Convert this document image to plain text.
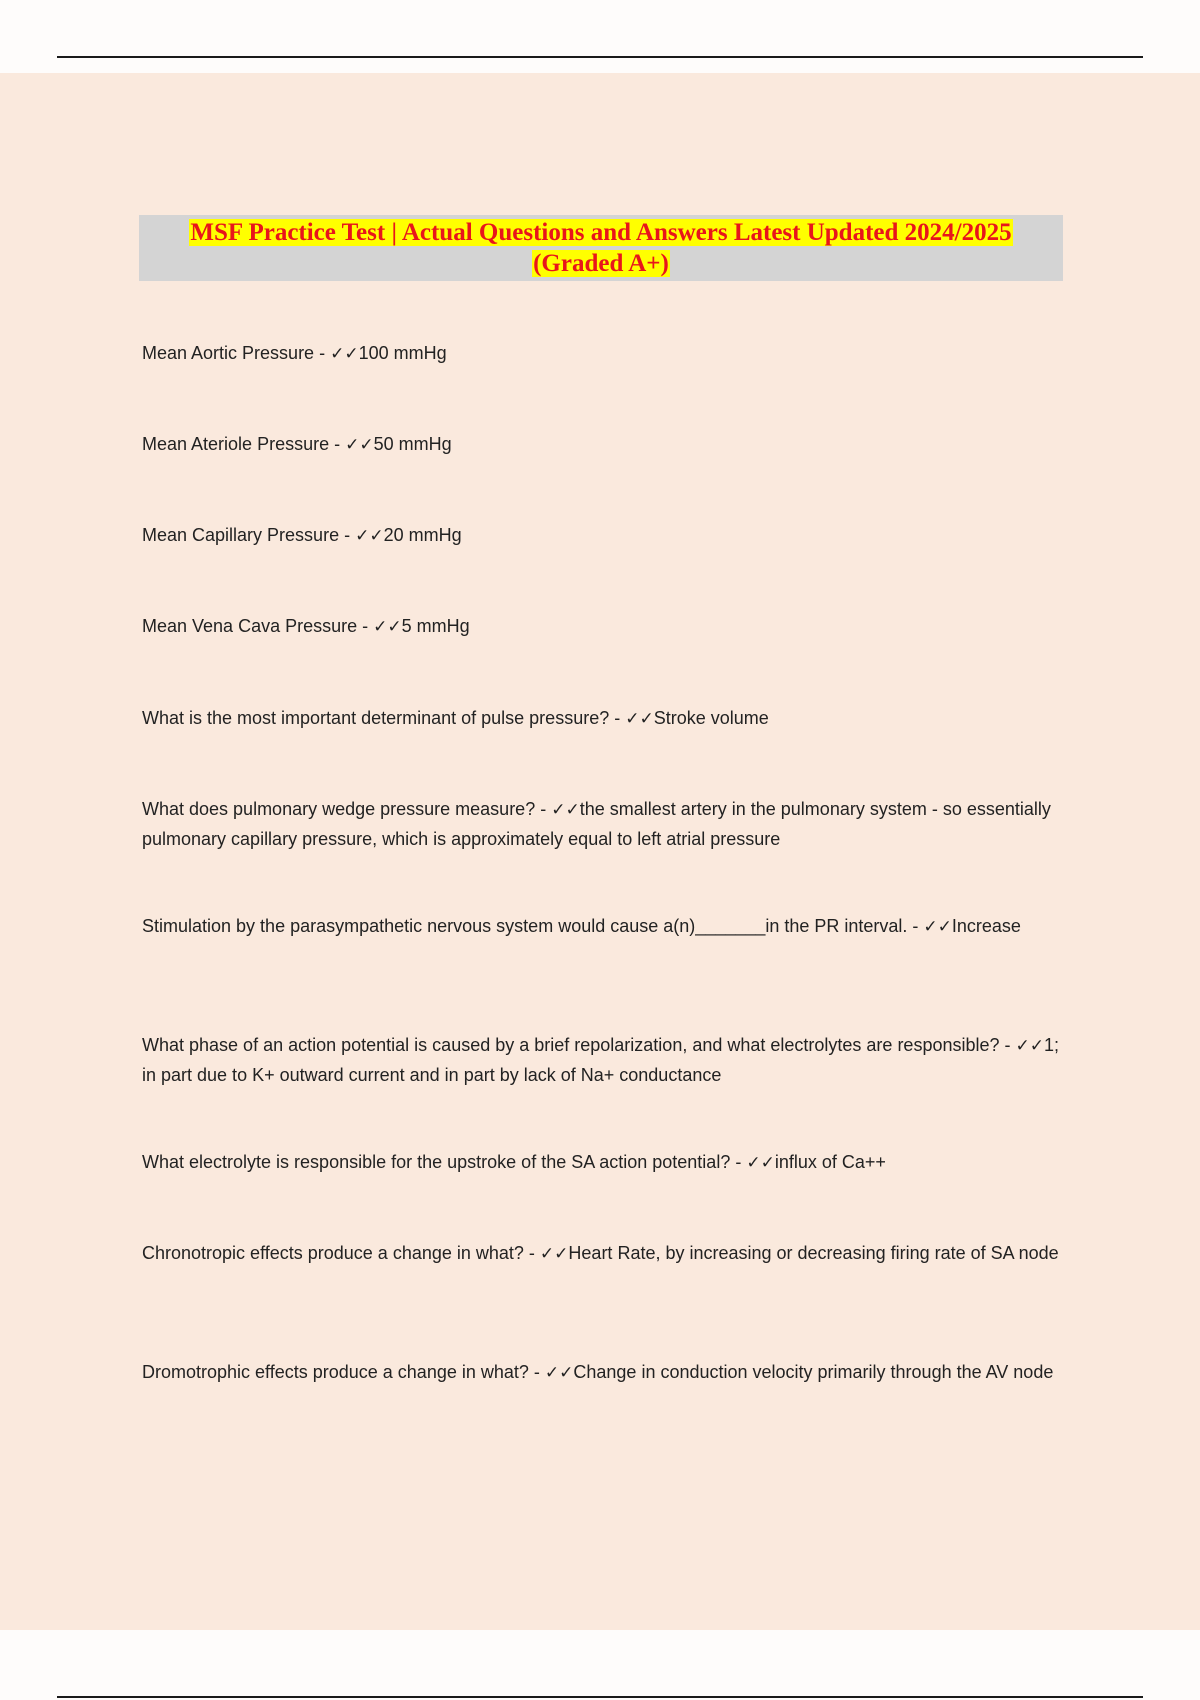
MSF Practice Test | Actual Questions and Answers Latest Updated 2024/2025
(Graded A+)

Mean Aortic Pressure - ✓✓100 mmHg

Mean Ateriole Pressure - ✓✓50 mmHg

Mean Capillary Pressure - ✓✓20 mmHg

Mean Vena Cava Pressure - ✓✓5 mmHg

What is the most important determinant of pulse pressure? - ✓✓Stroke volume

What does pulmonary wedge pressure measure? - ✓✓the smallest artery in the pulmonary system - so essentially pulmonary capillary pressure, which is approximately equal to left atrial pressure

Stimulation by the parasympathetic nervous system would cause a(n)_______in the PR interval. - ✓✓Increase

What phase of an action potential is caused by a brief repolarization, and what electrolytes are responsible? - ✓✓1; in part due to K+ outward current and in part by lack of Na+ conductance

What electrolyte is responsible for the upstroke of the SA action potential? - ✓✓influx of Ca++

Chronotropic effects produce a change in what? - ✓✓Heart Rate, by increasing or decreasing firing rate of SA node

Dromotrophic effects produce a change in what? - ✓✓Change in conduction velocity primarily through the AV node
